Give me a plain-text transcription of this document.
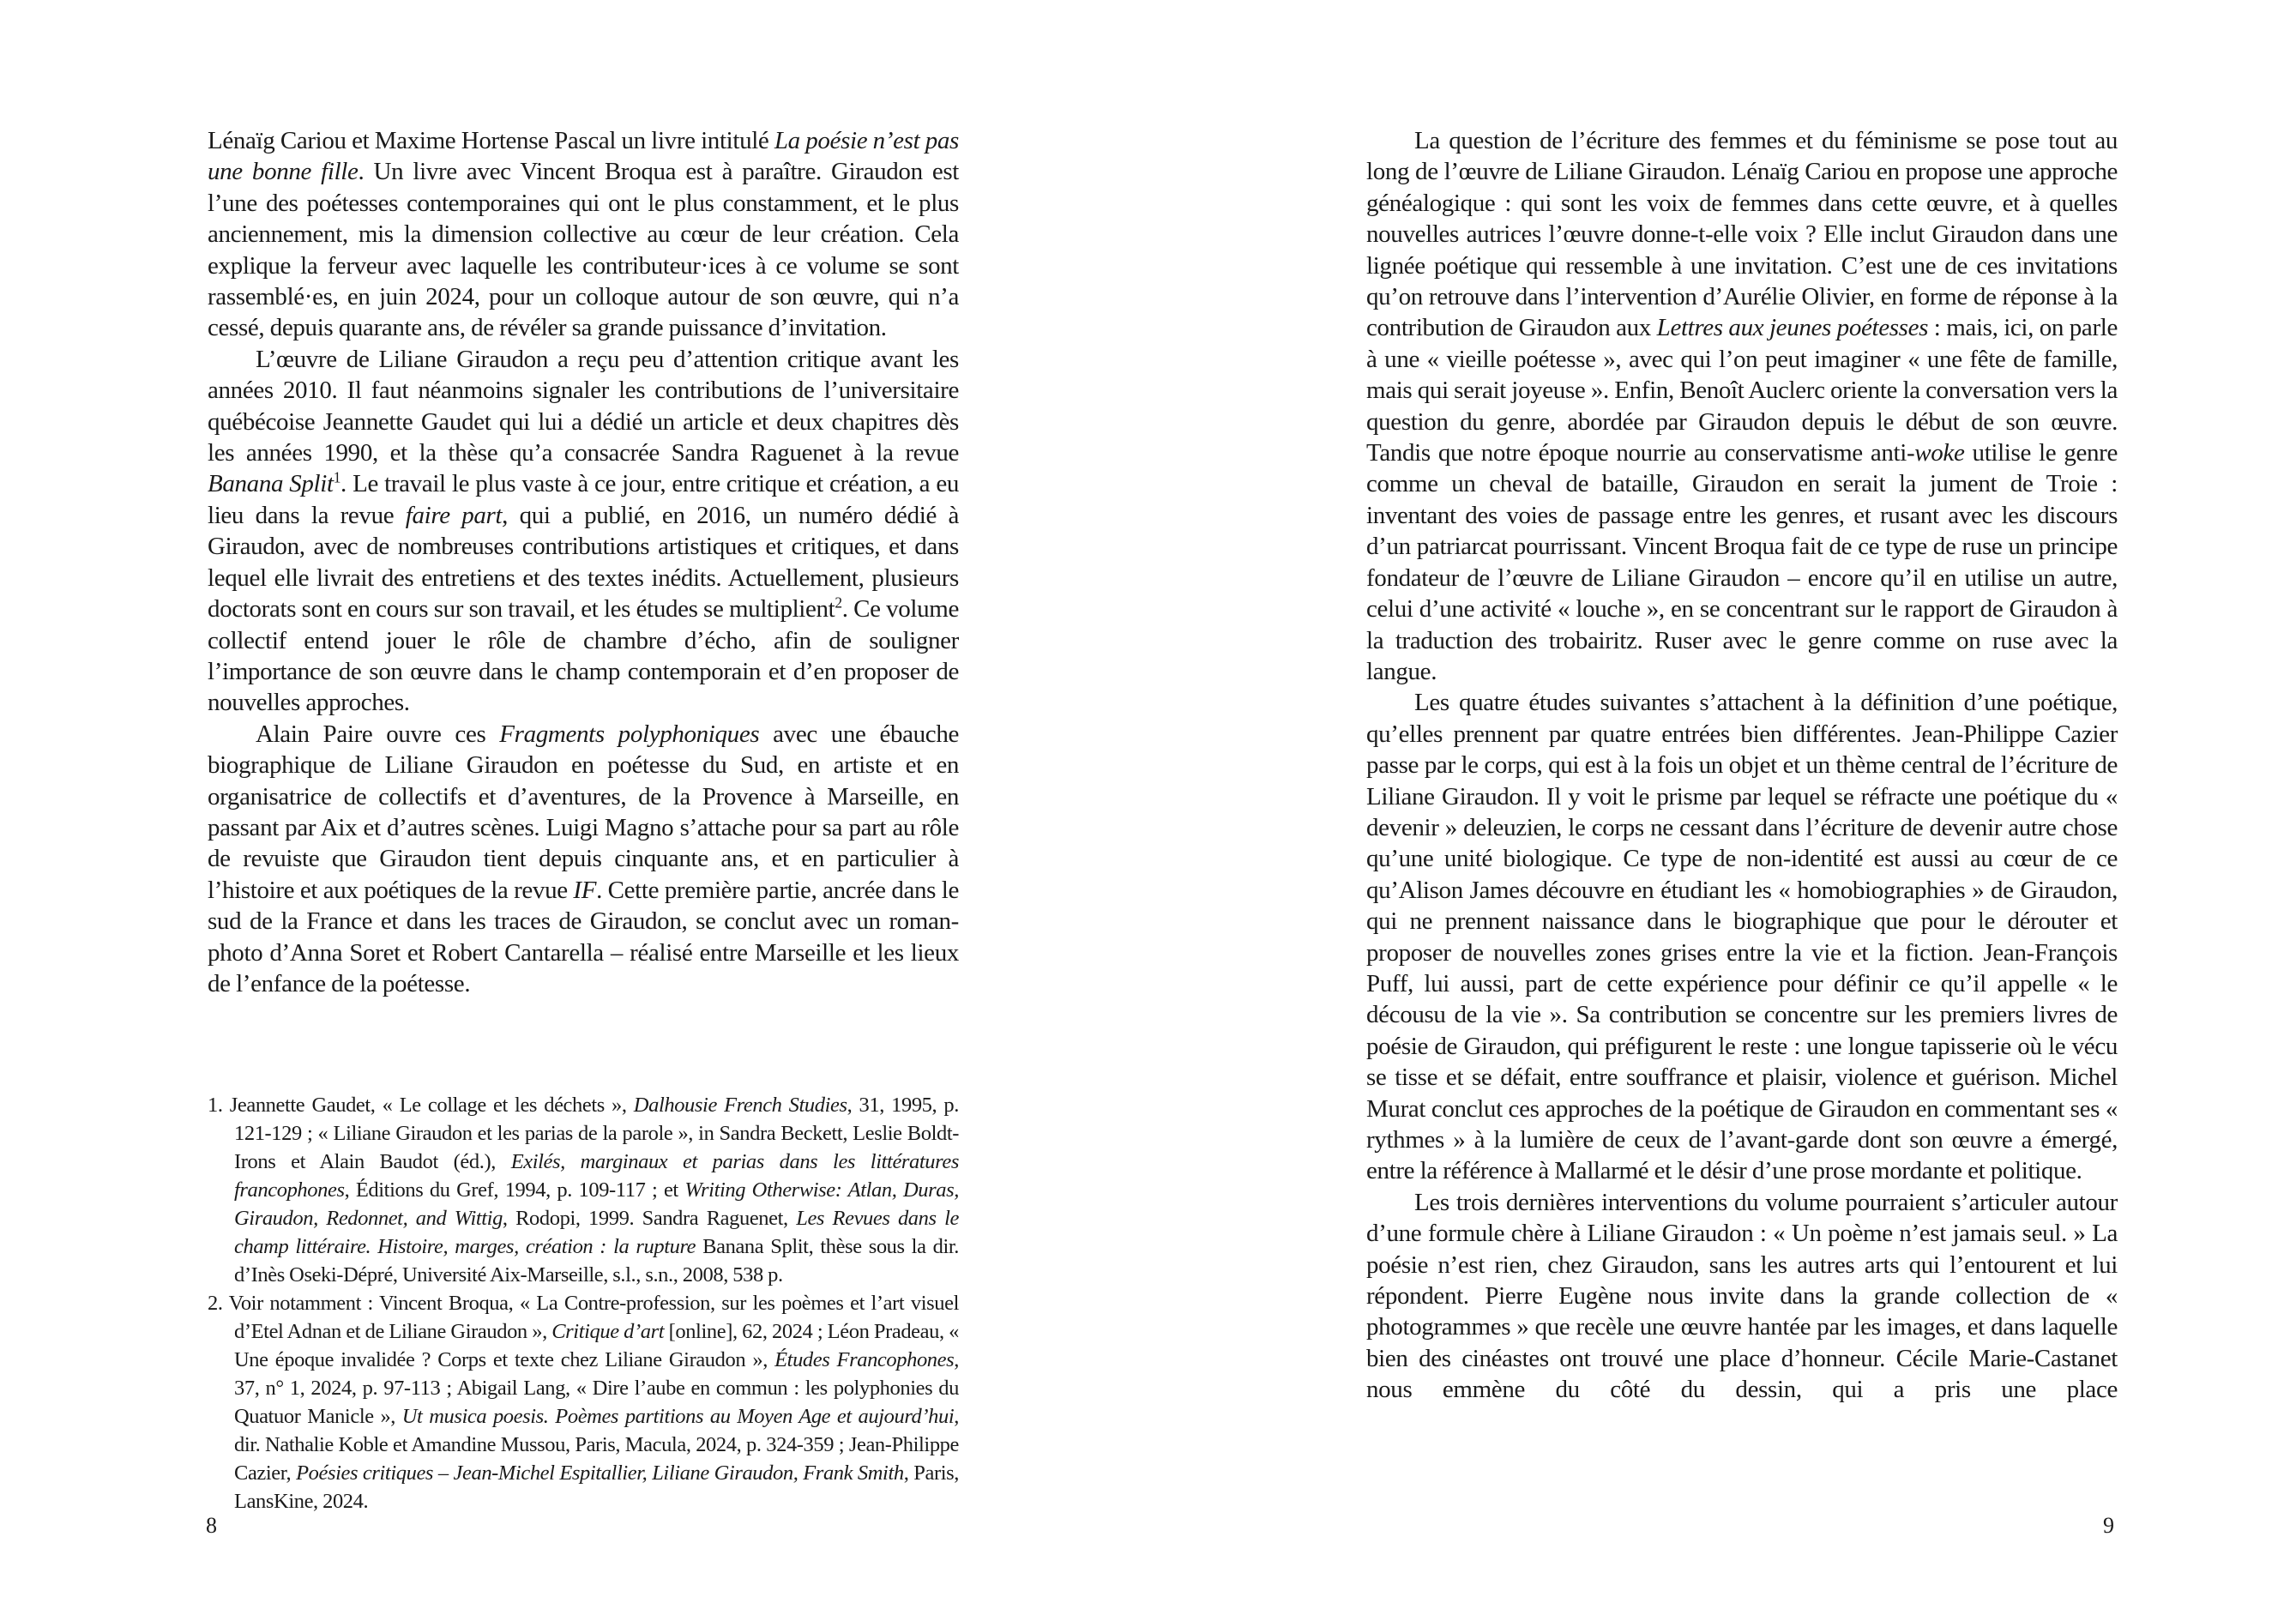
Lénaïg Cariou et Maxime Hortense Pascal un livre intitulé La poésie n’est pas une bonne fille. Un livre avec Vincent Broqua est à paraître. Giraudon est l’une des poétesses contemporaines qui ont le plus constamment, et le plus anciennement, mis la dimension collective au cœur de leur création. Cela explique la ferveur avec laquelle les contributeur·ices à ce volume se sont rassemblé·es, en juin 2024, pour un colloque autour de son œuvre, qui n’a cessé, depuis quarante ans, de révéler sa grande puissance d’invitation.

L’œuvre de Liliane Giraudon a reçu peu d’attention critique avant les années 2010. Il faut néanmoins signaler les contributions de l’universitaire québécoise Jeannette Gaudet qui lui a dédié un article et deux chapitres dès les années 1990, et la thèse qu’a consacrée Sandra Raguenet à la revue Banana Split$^1$. Le travail le plus vaste à ce jour, entre critique et création, a eu lieu dans la revue faire part, qui a publié, en 2016, un numéro dédié à Giraudon, avec de nombreuses contributions artistiques et critiques, et dans lequel elle livrait des entretiens et des textes inédits. Actuellement, plusieurs doctorats sont en cours sur son travail, et les études se multiplient$^2$. Ce volume collectif entend jouer le rôle de chambre d’écho, afin de souligner l’importance de son œuvre dans le champ contemporain et d’en proposer de nouvelles approches.

Alain Paire ouvre ces Fragments polyphoniques avec une ébauche biographique de Liliane Giraudon en poétesse du Sud, en artiste et en organisatrice de collectifs et d’aventures, de la Provence à Marseille, en passant par Aix et d’autres scènes. Luigi Magno s’attache pour sa part au rôle de revuiste que Giraudon tient depuis cinquante ans, et en particulier à l’histoire et aux poétiques de la revue IF. Cette première partie, ancrée dans le sud de la France et dans les traces de Giraudon, se conclut avec un roman-photo d’Anna Soret et Robert Cantarella – réalisé entre Marseille et les lieux de l’enfance de la poétesse.

1. Jeannette Gaudet, « Le collage et les déchets », Dalhousie French Studies, 31, 1995, p. 121-129 ; « Liliane Giraudon et les parias de la parole », in Sandra Beckett, Leslie Boldt-Irons et Alain Baudot (éd.), Exilés, marginaux et parias dans les littératures francophones, Éditions du Gref, 1994, p. 109-117 ; et Writing Otherwise: Atlan, Duras, Giraudon, Redonnet, and Wittig, Rodopi, 1999. Sandra Raguenet, Les Revues dans le champ littéraire. Histoire, marges, création : la rupture Banana Split, thèse sous la dir. d’Inès Oseki-Dépré, Université Aix-Marseille, s.l., s.n., 2008, 538 p.

2. Voir notamment : Vincent Broqua, « La Contre-profession, sur les poèmes et l’art visuel d’Etel Adnan et de Liliane Giraudon », Critique d’art [online], 62, 2024 ; Léon Pradeau, « Une époque invalidée ? Corps et texte chez Liliane Giraudon », Études Francophones, 37, n° 1, 2024, p. 97-113 ; Abigail Lang, « Dire l’aube en commun : les polyphonies du Quatuor Manicle », Ut musica poesis. Poèmes partitions au Moyen Age et aujourd’hui, dir. Nathalie Koble et Amandine Mussou, Paris, Macula, 2024, p. 324-359 ; Jean-Philippe Cazier, Poésies critiques – Jean-Michel Espitallier, Liliane Giraudon, Frank Smith, Paris, LansKine, 2024.

8

La question de l’écriture des femmes et du féminisme se pose tout au long de l’œuvre de Liliane Giraudon. Lénaïg Cariou en propose une approche généalogique : qui sont les voix de femmes dans cette œuvre, et à quelles nouvelles autrices l’œuvre donne-t-elle voix ? Elle inclut Giraudon dans une lignée poétique qui ressemble à une invitation. C’est une de ces invitations qu’on retrouve dans l’intervention d’Aurélie Olivier, en forme de réponse à la contribution de Giraudon aux Lettres aux jeunes poétesses : mais, ici, on parle à une « vieille poétesse », avec qui l’on peut imaginer « une fête de famille, mais qui serait joyeuse ». Enfin, Benoît Auclerc oriente la conversation vers la question du genre, abordée par Giraudon depuis le début de son œuvre. Tandis que notre époque nourrie au conservatisme anti-woke utilise le genre comme un cheval de bataille, Giraudon en serait la jument de Troie : inventant des voies de passage entre les genres, et rusant avec les discours d’un patriarcat pourrissant. Vincent Broqua fait de ce type de ruse un principe fondateur de l’œuvre de Liliane Giraudon – encore qu’il en utilise un autre, celui d’une activité « louche », en se concentrant sur le rapport de Giraudon à la traduction des trobairitz. Ruser avec le genre comme on ruse avec la langue.

Les quatre études suivantes s’attachent à la définition d’une poétique, qu’elles prennent par quatre entrées bien différentes. Jean-Philippe Cazier passe par le corps, qui est à la fois un objet et un thème central de l’écriture de Liliane Giraudon. Il y voit le prisme par lequel se réfracte une poétique du « devenir » deleuzien, le corps ne cessant dans l’écriture de devenir autre chose qu’une unité biologique. Ce type de non-identité est aussi au cœur de ce qu’Alison James découvre en étudiant les « homobiographies » de Giraudon, qui ne prennent naissance dans le biographique que pour le dérouter et proposer de nouvelles zones grises entre la vie et la fiction. Jean-François Puff, lui aussi, part de cette expérience pour définir ce qu’il appelle « le décousu de la vie ». Sa contribution se concentre sur les premiers livres de poésie de Giraudon, qui préfigurent le reste : une longue tapisserie où le vécu se tisse et se défait, entre souffrance et plaisir, violence et guérison. Michel Murat conclut ces approches de la poétique de Giraudon en commentant ses « rythmes » à la lumière de ceux de l’avant-garde dont son œuvre a émergé, entre la référence à Mallarmé et le désir d’une prose mordante et politique.

Les trois dernières interventions du volume pourraient s’articuler autour d’une formule chère à Liliane Giraudon : « Un poème n’est jamais seul. » La poésie n’est rien, chez Giraudon, sans les autres arts qui l’entourent et lui répondent. Pierre Eugène nous invite dans la grande collection de « photogrammes » que recèle une œuvre hantée par les images, et dans laquelle bien des cinéastes ont trouvé une place d’honneur. Cécile Marie-Castanet nous emmène du côté du dessin, qui a pris une place

9
